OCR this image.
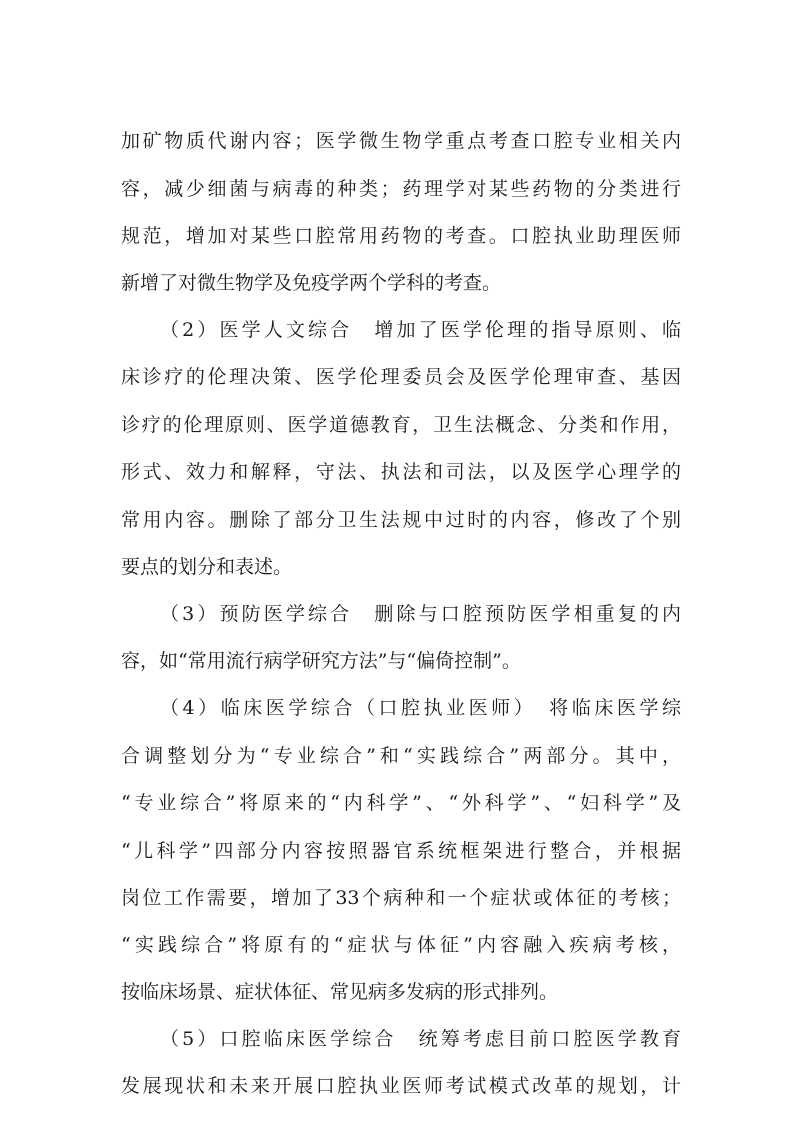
加矿物质代谢内容；医学微生物学重点考查口腔专业相关内
容，减少细菌与病毒的种类；药理学对某些药物的分类进行
规范，增加对某些口腔常用药物的考查。口腔执业助理医师
新增了对微生物学及免疫学两个学科的考查。
（2）医学人文综合　增加了医学伦理的指导原则、临
床诊疗的伦理决策、医学伦理委员会及医学伦理审查、基因
诊疗的伦理原则、医学道德教育，卫生法概念、分类和作用，
形式、效力和解释，守法、执法和司法，以及医学心理学的
常用内容。删除了部分卫生法规中过时的内容，修改了个别
要点的划分和表述。
（3）预防医学综合　删除与口腔预防医学相重复的内
容，如“常用流行病学研究方法”与“偏倚控制”。
（4）临床医学综合（口腔执业医师）　将临床医学综
合调整划分为“专业综合”和“实践综合”两部分。其中，
“专业综合”将原来的“内科学”、“外科学”、“妇科学”及
“儿科学”四部分内容按照器官系统框架进行整合，并根据
岗位工作需要，增加了33个病种和一个症状或体征的考核；
“实践综合”将原有的“症状与体征”内容融入疾病考核，
按临床场景、症状体征、常见病多发病的形式排列。
（5）口腔临床医学综合　统筹考虑目前口腔医学教育
发展现状和未来开展口腔执业医师考试模式改革的规划，计
